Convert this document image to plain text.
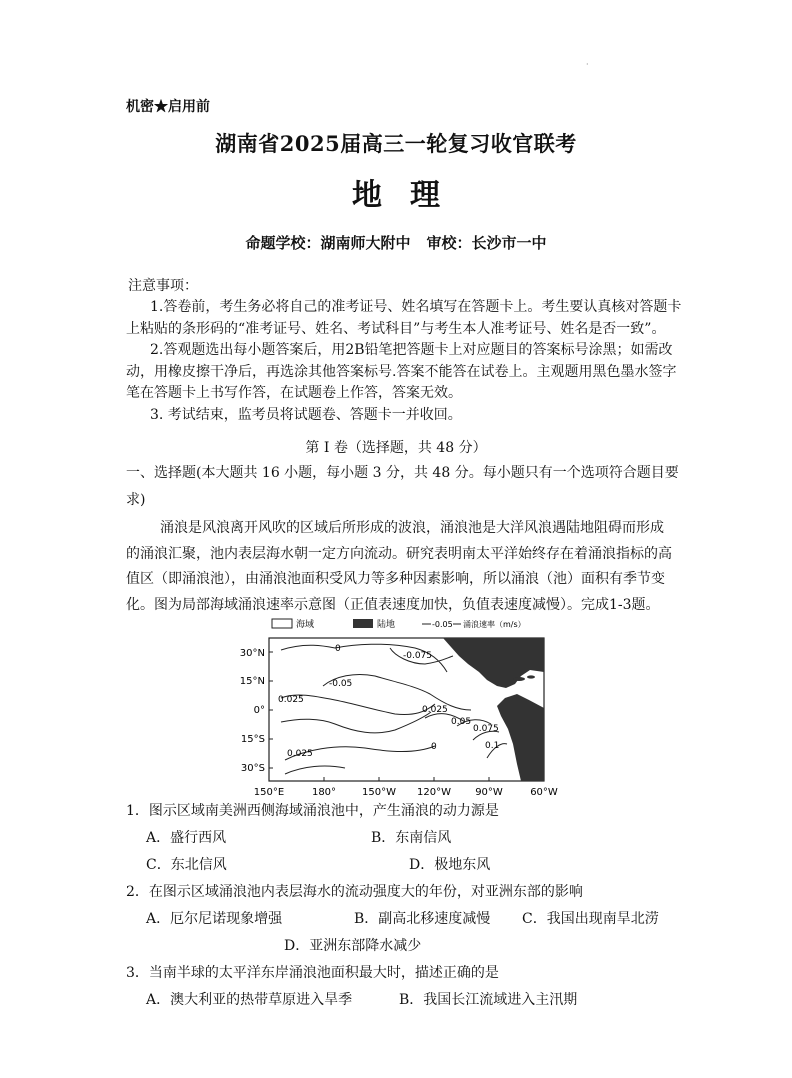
·
机密★启用前
湖南省2025届高三一轮复习收官联考
地理
命题学校：湖南师大附中 审校：长沙市一中
注意事项：
1.答卷前，考生务必将自己的准考证号、姓名填写在答题卡上。考生要认真核对答题卡
上粘贴的条形码的“准考证号、姓名、考试科目”与考生本人准考证号、姓名是否一致”。
2.答观题选出每小题答案后，用2B铅笔把答题卡上对应题目的答案标号涂黑；如需改
动，用橡皮擦干净后，再选涂其他答案标号.答案不能答在试卷上。主观题用黑色墨水签字
笔在答题卡上书写作答，在试题卷上作答，答案无效。
3. 考试结束，监考员将试题卷、答题卡一并收回。
第 Ⅰ 卷（选择题，共 48 分）
一、选择题(本大题共 16 小题，每小题 3 分，共 48 分。每小题只有一个选项符合题目要
求)
涌浪是风浪离开风吹的区域后所形成的波浪，涌浪池是大洋风浪遇陆地阻碍而形成
的涌浪汇聚，池内表层海水朝一定方向流动。研究表明南太平洋始终存在着涌浪指标的高
值区（即涌浪池），由涌浪池面积受风力等多种因素影响，所以涌浪（池）面积有季节变
化。图为局部海域涌浪速率示意图（正值表速度加快，负值表速度减慢）。完成1-3题。
海域	陆地	-0.05 涌浪速率（m/s）
0
-0.075
-0.05
0.025
0.025
0.05
0.075
0.1
0
0.025
30°N
15°N
0°
15°S
30°S
150°E	180°	150°W 120°W 90°W	60°W
1．图示区域南美洲西侧海域涌浪池中，产生涌浪的动力源是
A．盛行西风	B．东南信风
C．东北信风	D．极地东风
2．在图示区域涌浪池内表层海水的流动强度大的年份，对亚洲东部的影响
A．厄尔尼诺现象增强	B．副高北移速度减慢 C．我国出现南旱北涝
D．亚洲东部降水减少
3．当南半球的太平洋东岸涌浪池面积最大时，描述正确的是
A．澳大利亚的热带草原进入旱季	B．我国长江流域进入主汛期
